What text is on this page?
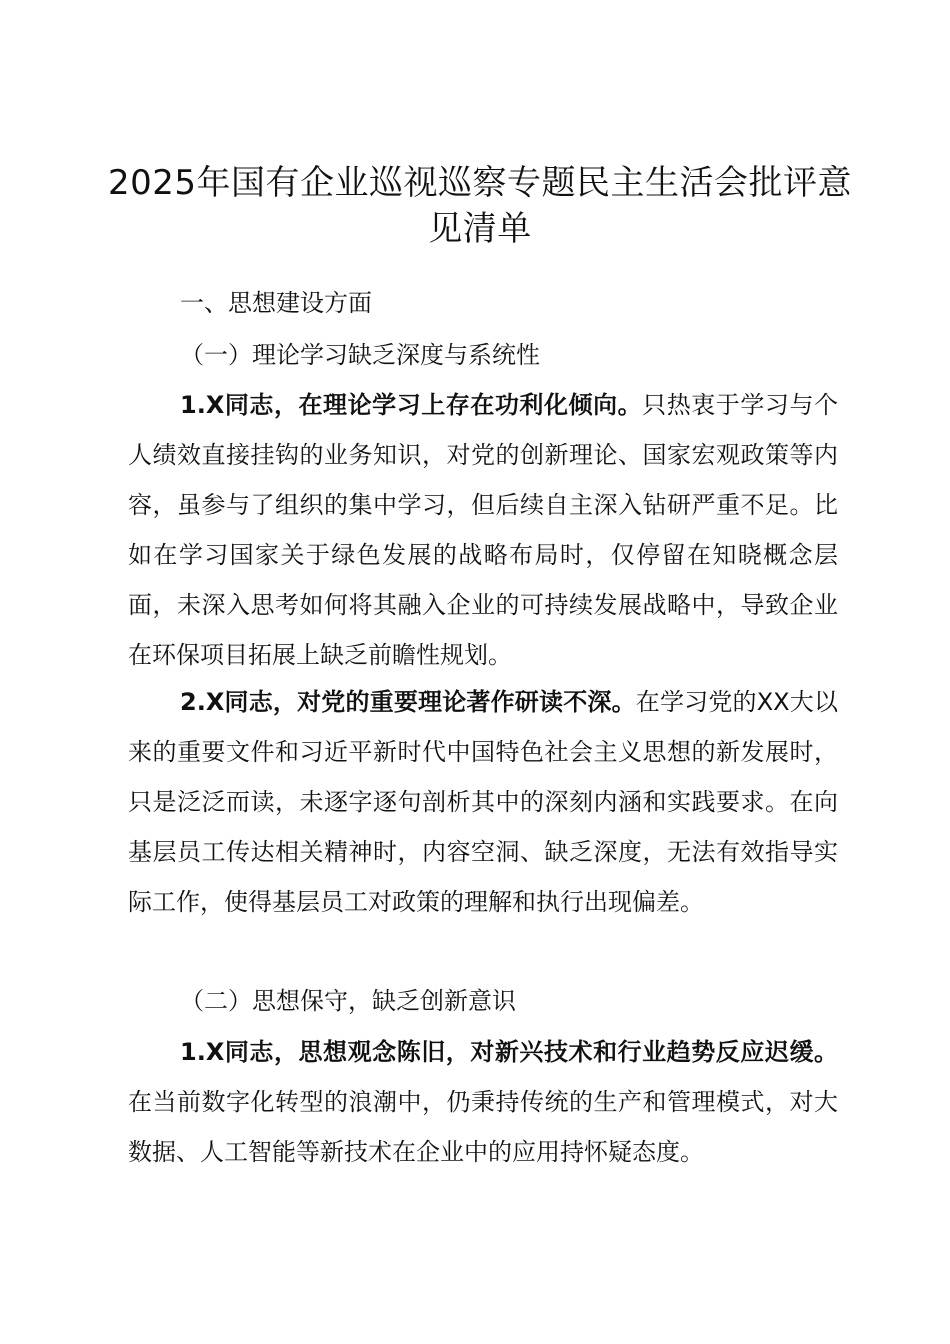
2025年国有企业巡视巡察专题民主生活会批评意见清单
一、思想建设方面
（一）理论学习缺乏深度与系统性
1.X同志，在理论学习上存在功利化倾向。只热衷于学习与个人绩效直接挂钩的业务知识，对党的创新理论、国家宏观政策等内容，虽参与了组织的集中学习，但后续自主深入钻研严重不足。比如在学习国家关于绿色发展的战略布局时，仅停留在知晓概念层面，未深入思考如何将其融入企业的可持续发展战略中，导致企业在环保项目拓展上缺乏前瞻性规划。
2.X同志，对党的重要理论著作研读不深。在学习党的XX大以来的重要文件和习近平新时代中国特色社会主义思想的新发展时，只是泛泛而读，未逐字逐句剖析其中的深刻内涵和实践要求。在向基层员工传达相关精神时，内容空洞、缺乏深度，无法有效指导实际工作，使得基层员工对政策的理解和执行出现偏差。
（二）思想保守，缺乏创新意识
1.X同志，思想观念陈旧，对新兴技术和行业趋势反应迟缓。在当前数字化转型的浪潮中，仍秉持传统的生产和管理模式，对大数据、人工智能等新技术在企业中的应用持怀疑态度。
